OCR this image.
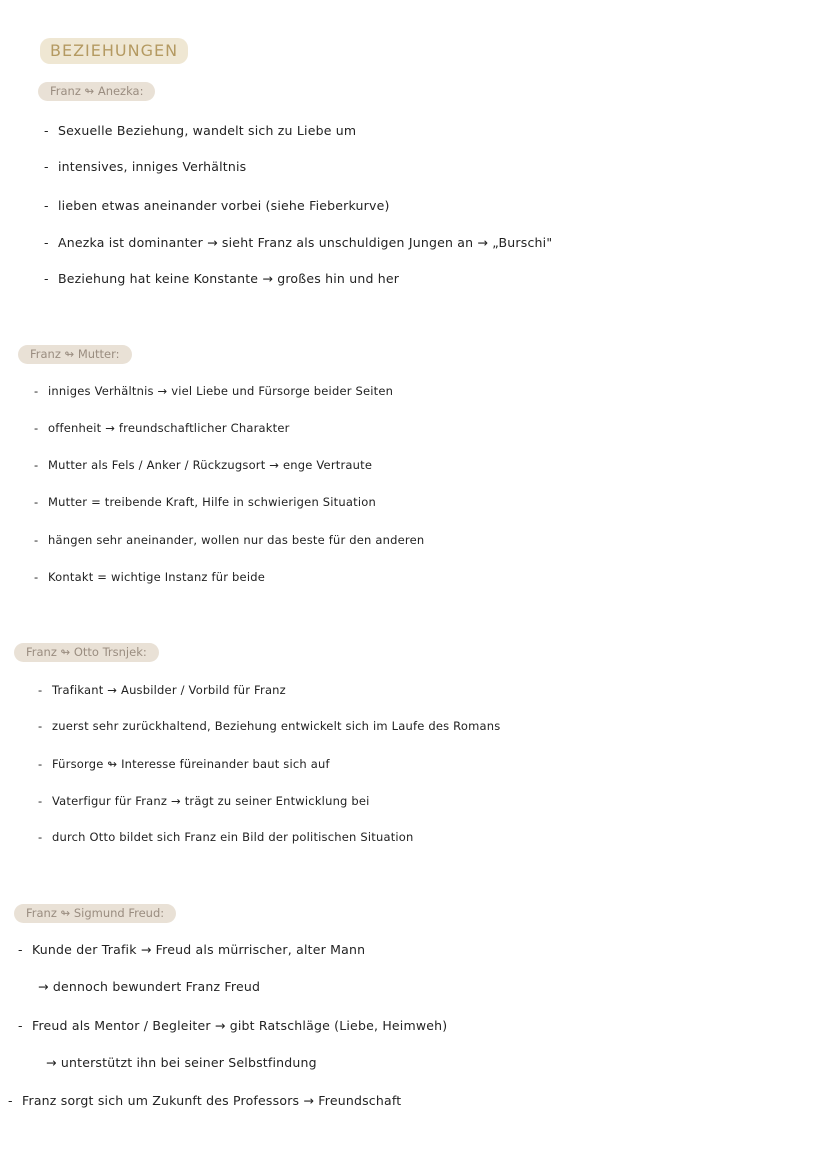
BEZIEHUNGEN
Franz ↬ Anezka:
- Sexuelle Beziehung, wandelt sich zu Liebe um
- intensives, inniges Verhältnis
- lieben etwas aneinander vorbei (siehe Fieberkurve)
- Anezka ist dominanter → sieht Franz als unschuldigen Jungen an → „Burschi"
- Beziehung hat keine Konstante → großes hin und her
Franz ↬ Mutter:
- inniges Verhältnis → viel Liebe und Fürsorge beider Seiten
- offenheit → freundschaftlicher Charakter
- Mutter als Fels / Anker / Rückzugsort → enge Vertraute
- Mutter = treibende Kraft, Hilfe in schwierigen Situation
- hängen sehr aneinander, wollen nur das beste für den anderen
- Kontakt = wichtige Instanz für beide
Franz ↬ Otto Trsnjek:
- Trafikant → Ausbilder / Vorbild für Franz
- zuerst sehr zurückhaltend, Beziehung entwickelt sich im Laufe des Romans
- Fürsorge ↬ Interesse füreinander baut sich auf
- Vaterfigur für Franz → trägt zu seiner Entwicklung bei
- durch Otto bildet sich Franz ein Bild der politischen Situation
Franz ↬ Sigmund Freud:
- Kunde der Trafik → Freud als mürrischer, alter Mann
→ dennoch bewundert Franz Freud
- Freud als Mentor / Begleiter → gibt Ratschläge (Liebe, Heimweh)
→ unterstützt ihn bei seiner Selbstfindung
- Franz sorgt sich um Zukunft des Professors → Freundschaft
